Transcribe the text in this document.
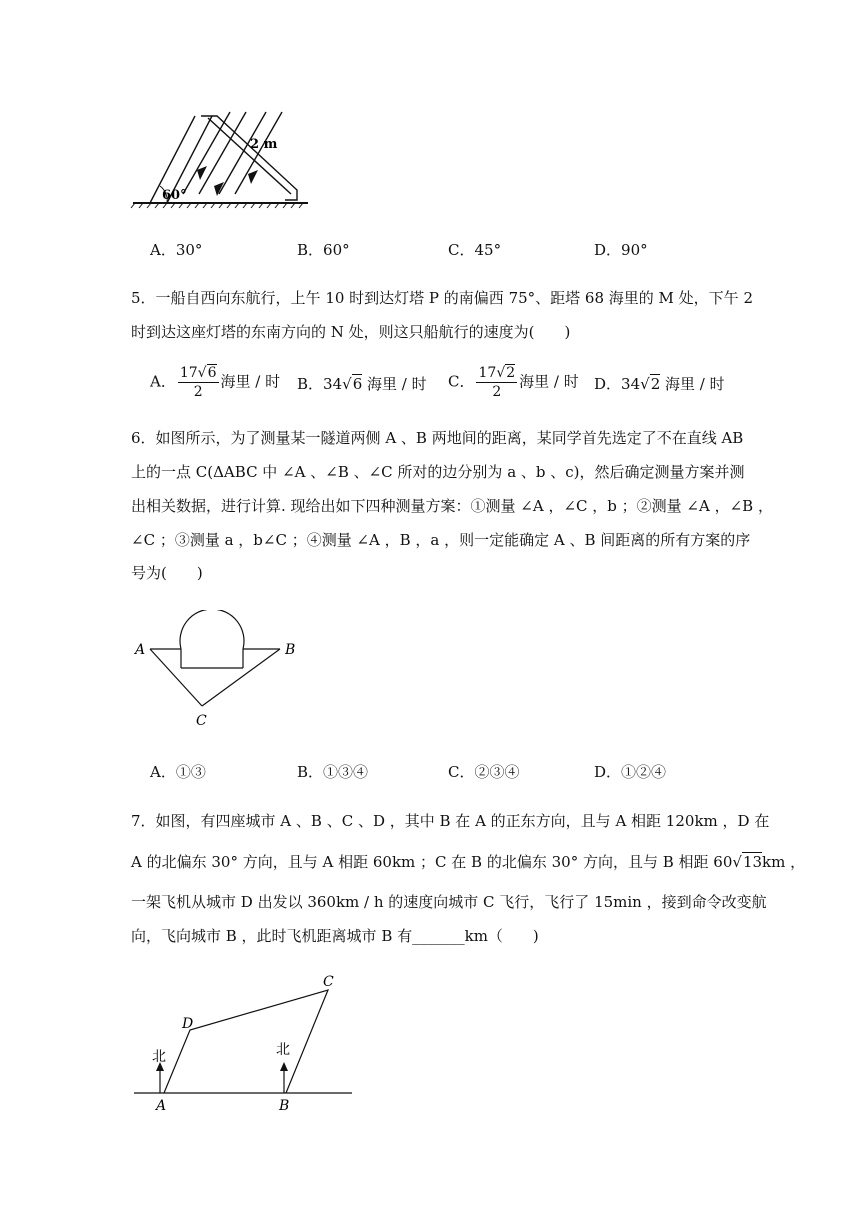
60°
2 m
A．30°	B．60°	C．45°	D．90°
5．一船自西向东航行，上午 10 时到达灯塔 P 的南偏西 75°、距塔 68 海里的 M 处，下午 2
时到达这座灯塔的东南方向的 N 处，则这只船航行的速度为(　　)
A． $\frac{17√6}{2}$ 海里 / 时 B．34√6 海里 / 时 C． $\frac{17√2}{2}$ 海里 / 时 D．34√2 海里 / 时
6．如图所示，为了测量某一隧道两侧 A 、B 两地间的距离，某同学首先选定了不在直线 AB
上的一点 C(ΔABC 中 ∠A 、∠B 、∠C 所对的边分别为 a 、b 、c)，然后确定测量方案并测
出相关数据，进行计算. 现给出如下四种测量方案：①测量 ∠A ，∠C ，b ；②测量 ∠A ，∠B ，
∠C ；③测量 a ，b∠C ；④测量 ∠A ，B ，a ，则一定能确定 A 、B 间距离的所有方案的序
号为(　　)
A	B
C
A．①③	B．①③④	C．②③④	D．①②④
7．如图，有四座城市 A 、B 、C 、D ，其中 B 在 A 的正东方向，且与 A 相距 120km ，D 在
A 的北偏东 30° 方向，且与 A 相距 60km ；C 在 B 的北偏东 30° 方向，且与 B 相距 60√13km ，
一架飞机从城市 D 出发以 360km / h 的速度向城市 C 飞行，飞行了 15min ，接到命令改变航
向，飞向城市 B ，此时飞机距离城市 B 有_______km（　　)
北	北
A	B
C
D
